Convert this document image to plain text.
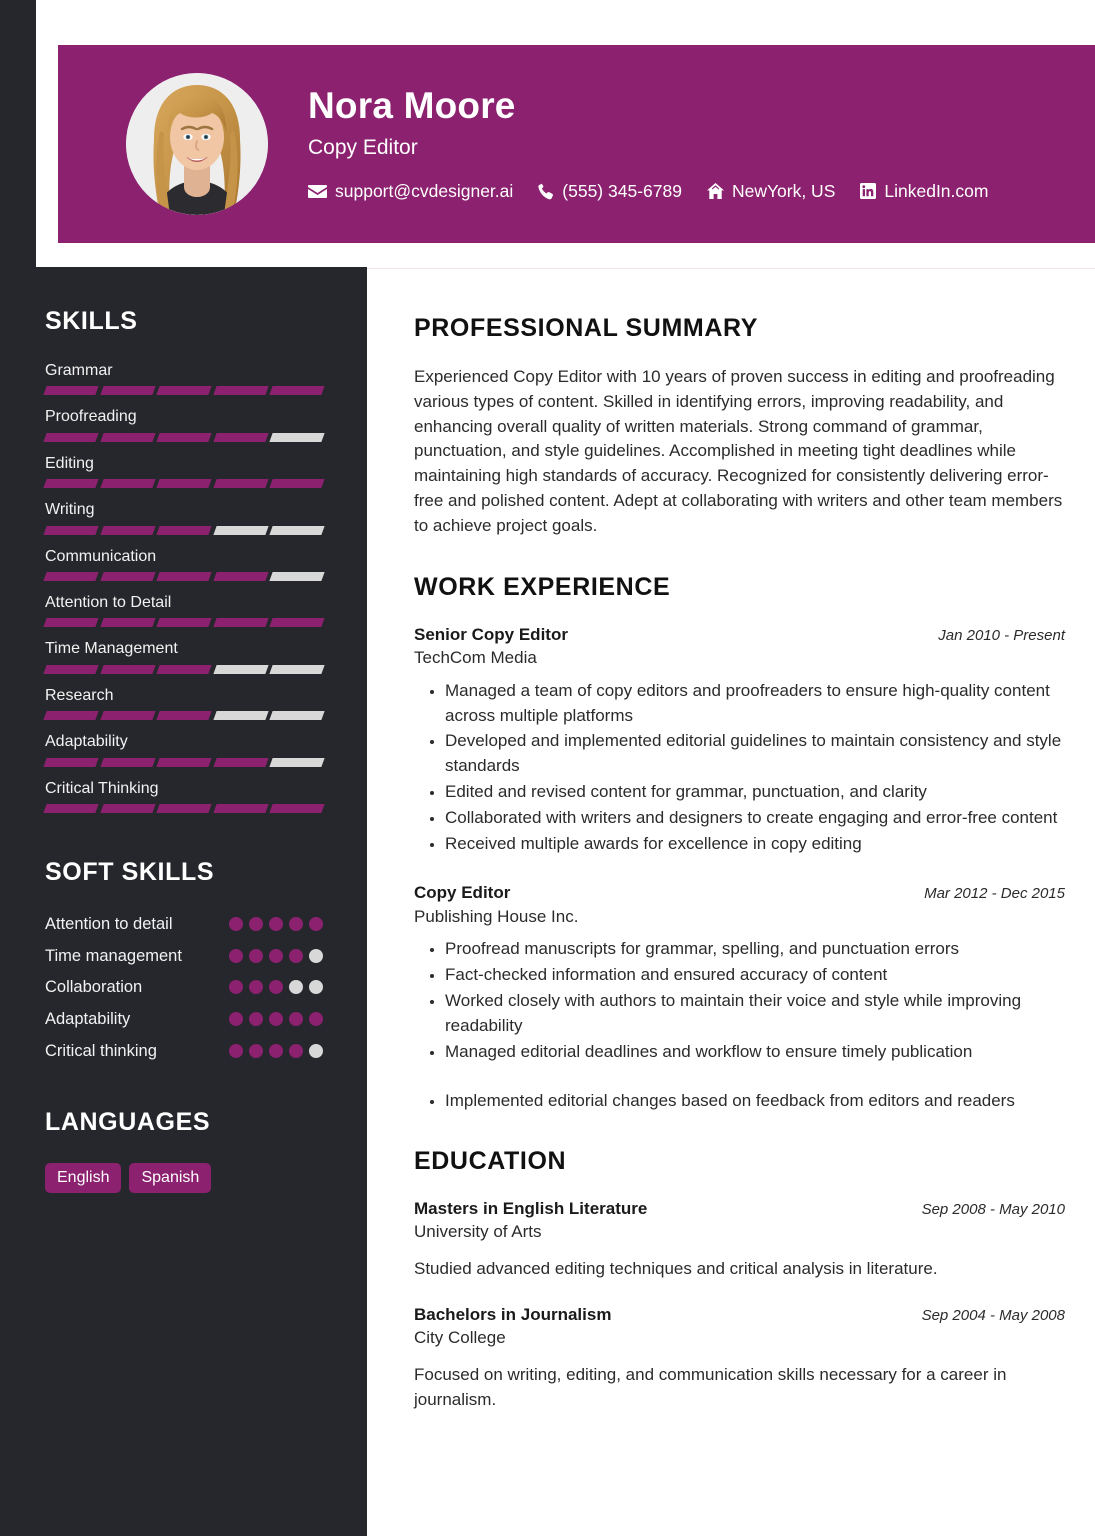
Nora Moore
Copy Editor
support@cvdesigner.ai	(555) 345-6789	NewYork, US	LinkedIn.com
SKILLS
Grammar
Proofreading
Editing
Writing
Communication
Attention to Detail
Time Management
Research
Adaptability
Critical Thinking
SOFT SKILLS
Attention to detail
Time management
Collaboration
Adaptability
Critical thinking
LANGUAGES
English	Spanish
PROFESSIONAL SUMMARY
Experienced Copy Editor with 10 years of proven success in editing and proofreading various types of content. Skilled in identifying errors, improving readability, and enhancing overall quality of written materials. Strong command of grammar, punctuation, and style guidelines. Accomplished in meeting tight deadlines while maintaining high standards of accuracy. Recognized for consistently delivering error-free and polished content. Adept at collaborating with writers and other team members to achieve project goals.
WORK EXPERIENCE
Senior Copy Editor	Jan 2010 - Present
TechCom Media
• Managed a team of copy editors and proofreaders to ensure high-quality content across multiple platforms
• Developed and implemented editorial guidelines to maintain consistency and style standards
• Edited and revised content for grammar, punctuation, and clarity
• Collaborated with writers and designers to create engaging and error-free content
• Received multiple awards for excellence in copy editing
Copy Editor	Mar 2012 - Dec 2015
Publishing House Inc.
• Proofread manuscripts for grammar, spelling, and punctuation errors
• Fact-checked information and ensured accuracy of content
• Worked closely with authors to maintain their voice and style while improving readability
• Managed editorial deadlines and workflow to ensure timely publication
• Implemented editorial changes based on feedback from editors and readers
EDUCATION
Masters in English Literature	Sep 2008 - May 2010
University of Arts
Studied advanced editing techniques and critical analysis in literature.
Bachelors in Journalism	Sep 2004 - May 2008
City College
Focused on writing, editing, and communication skills necessary for a career in journalism.
